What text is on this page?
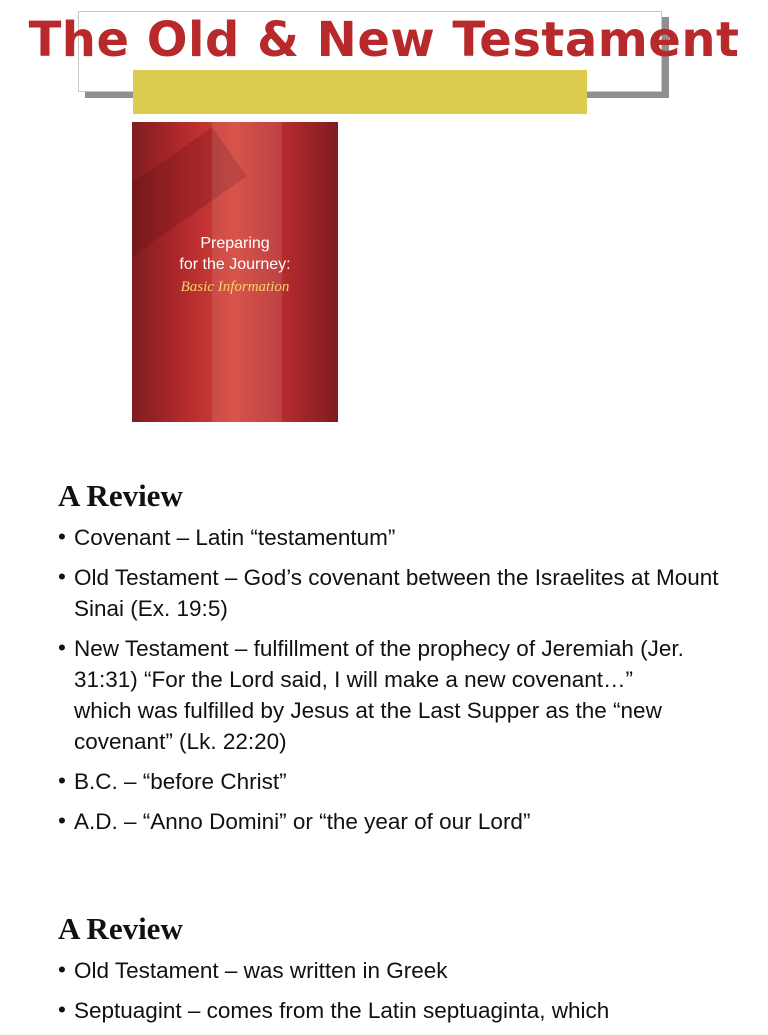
The Old & New Testament
Preparing
for the Journey:
Basic Information
A Review
• Covenant – Latin “testamentum”
• Old Testament – God’s covenant between the Israelites at Mount Sinai (Ex. 19:5)
• New Testament – fulfillment of the prophecy of Jeremiah (Jer. 31:31) “For the Lord said, I will make a new covenant…” which was fulfilled by Jesus at the Last Supper as the “new covenant” (Lk. 22:20)
• B.C. – “before Christ”
• A.D. – “Anno Domini” or “the year of our Lord”
A Review
• Old Testament – was written in Greek
• Septuagint – comes from the Latin septuaginta, which
